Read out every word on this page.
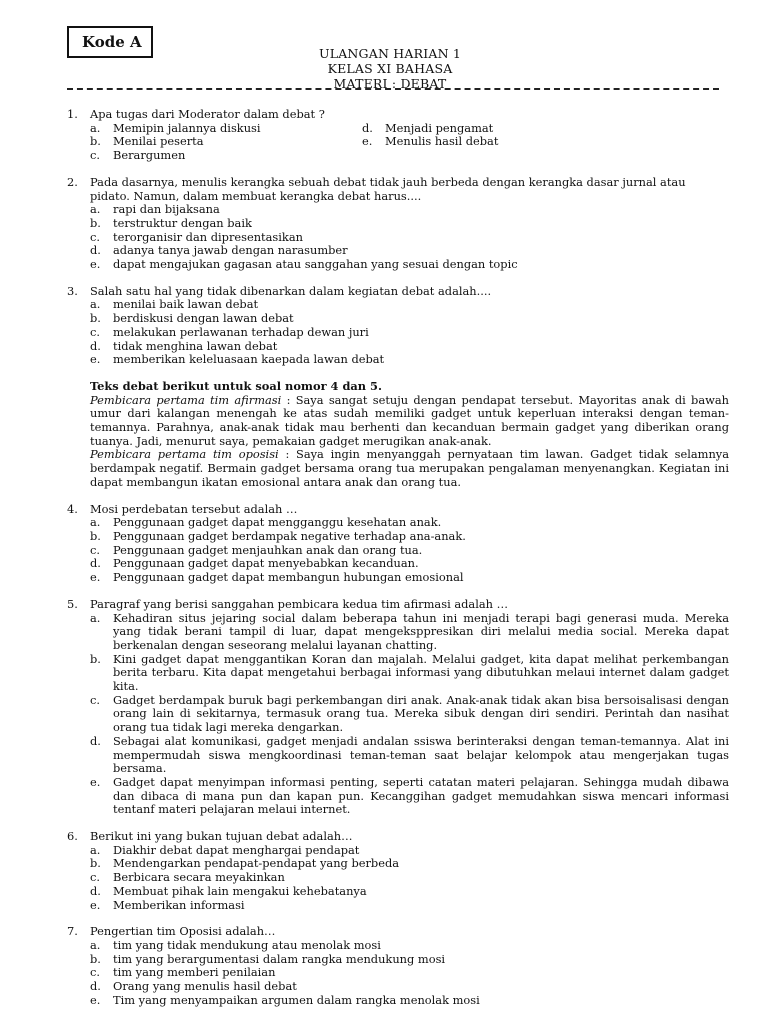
Kode A
ULANGAN HARIAN 1
KELAS XI BAHASA
MATERI : DEBAT
1.	Apa tugas dari Moderator dalam debat ?
a.	Memipin jalannya diskusi	d.	Menjadi pengamat
b.	Menilai peserta	e.	Menulis hasil debat
c.	Berargumen
2.	Pada dasarnya, menulis kerangka sebuah debat tidak jauh berbeda dengan kerangka dasar jurnal atau pidato. Namun, dalam membuat kerangka debat harus....
a.	rapi dan bijaksana
b.	terstruktur dengan baik
c.	terorganisir dan dipresentasikan
d.	adanya tanya jawab dengan narasumber
e.	dapat mengajukan gagasan atau sanggahan yang sesuai dengan topic
3.	Salah satu hal yang tidak dibenarkan dalam kegiatan debat adalah....
a.	menilai baik lawan debat
b.	berdiskusi dengan lawan debat
c.	melakukan perlawanan terhadap dewan juri
d.	tidak menghina lawan debat
e.	memberikan keleluasaan kaepada lawan debat
Teks debat berikut untuk soal nomor 4 dan 5.
Pembicara pertama tim afirmasi : Saya sangat setuju dengan pendapat tersebut. Mayoritas anak di bawah umur dari kalangan menengah ke atas sudah memiliki gadget untuk keperluan interaksi dengan teman-temannya. Parahnya, anak-anak tidak mau berhenti dan kecanduan bermain gadget yang diberikan orang tuanya. Jadi, menurut saya, pemakaian gadget merugikan anak-anak.
Pembicara pertama tim oposisi : Saya ingin menyanggah pernyataan tim lawan. Gadget tidak selamnya berdampak negatif. Bermain gadget bersama orang tua merupakan pengalaman menyenangkan. Kegiatan ini dapat membangun ikatan emosional antara anak dan orang tua.
4.	Mosi perdebatan tersebut adalah …
a.	Penggunaan gadget dapat mengganggu kesehatan anak.
b.	Penggunaan gadget berdampak negative terhadap ana-anak.
c.	Penggunaan gadget menjauhkan anak dan orang tua.
d.	Penggunaan gadget dapat menyebabkan kecanduan.
e.	Penggunaan gadget dapat membangun hubungan emosional
5.	Paragraf yang berisi sanggahan pembicara kedua tim afirmasi adalah …
a.	Kehadiran situs jejaring social dalam beberapa tahun ini menjadi terapi bagi generasi muda. Mereka yang tidak berani tampil di luar, dapat mengeksppresikan diri melalui media social. Mereka dapat berkenalan dengan seseorang melalui layanan chatting.
b.	Kini gadget dapat menggantikan Koran dan majalah. Melalui gadget, kita dapat melihat perkembangan berita terbaru. Kita dapat mengetahui berbagai informasi yang dibutuhkan melaui internet dalam gadget kita.
c.	Gadget berdampak buruk bagi perkembangan diri anak. Anak-anak tidak akan bisa bersoisalisasi dengan orang lain di sekitarnya, termasuk orang tua. Mereka sibuk dengan diri sendiri. Perintah dan nasihat orang tua tidak lagi mereka dengarkan.
d.	Sebagai alat komunikasi, gadget menjadi andalan ssiswa berinteraksi dengan teman-temannya. Alat ini mempermudah siswa mengkoordinasi teman-teman saat belajar kelompok atau mengerjakan tugas bersama.
e.	Gadget dapat menyimpan informasi penting, seperti catatan materi pelajaran. Sehingga mudah dibawa dan dibaca di mana pun dan kapan pun. Kecanggihan gadget memudahkan siswa mencari informasi tentanf materi pelajaran melaui internet.
6.	Berikut ini yang bukan tujuan debat adalah…
a.	Diakhir debat dapat menghargai pendapat
b.	Mendengarkan pendapat-pendapat yang berbeda
c.	Berbicara secara meyakinkan
d.	Membuat pihak lain mengakui kehebatanya
e.	Memberikan informasi
7.	Pengertian tim Oposisi adalah…
a.	tim yang tidak mendukung atau menolak mosi
b.	tim yang berargumentasi dalam rangka mendukung mosi
c.	tim yang memberi penilaian
d.	Orang yang menulis hasil debat
e.	Tim yang menyampaikan argumen dalam rangka menolak mosi
